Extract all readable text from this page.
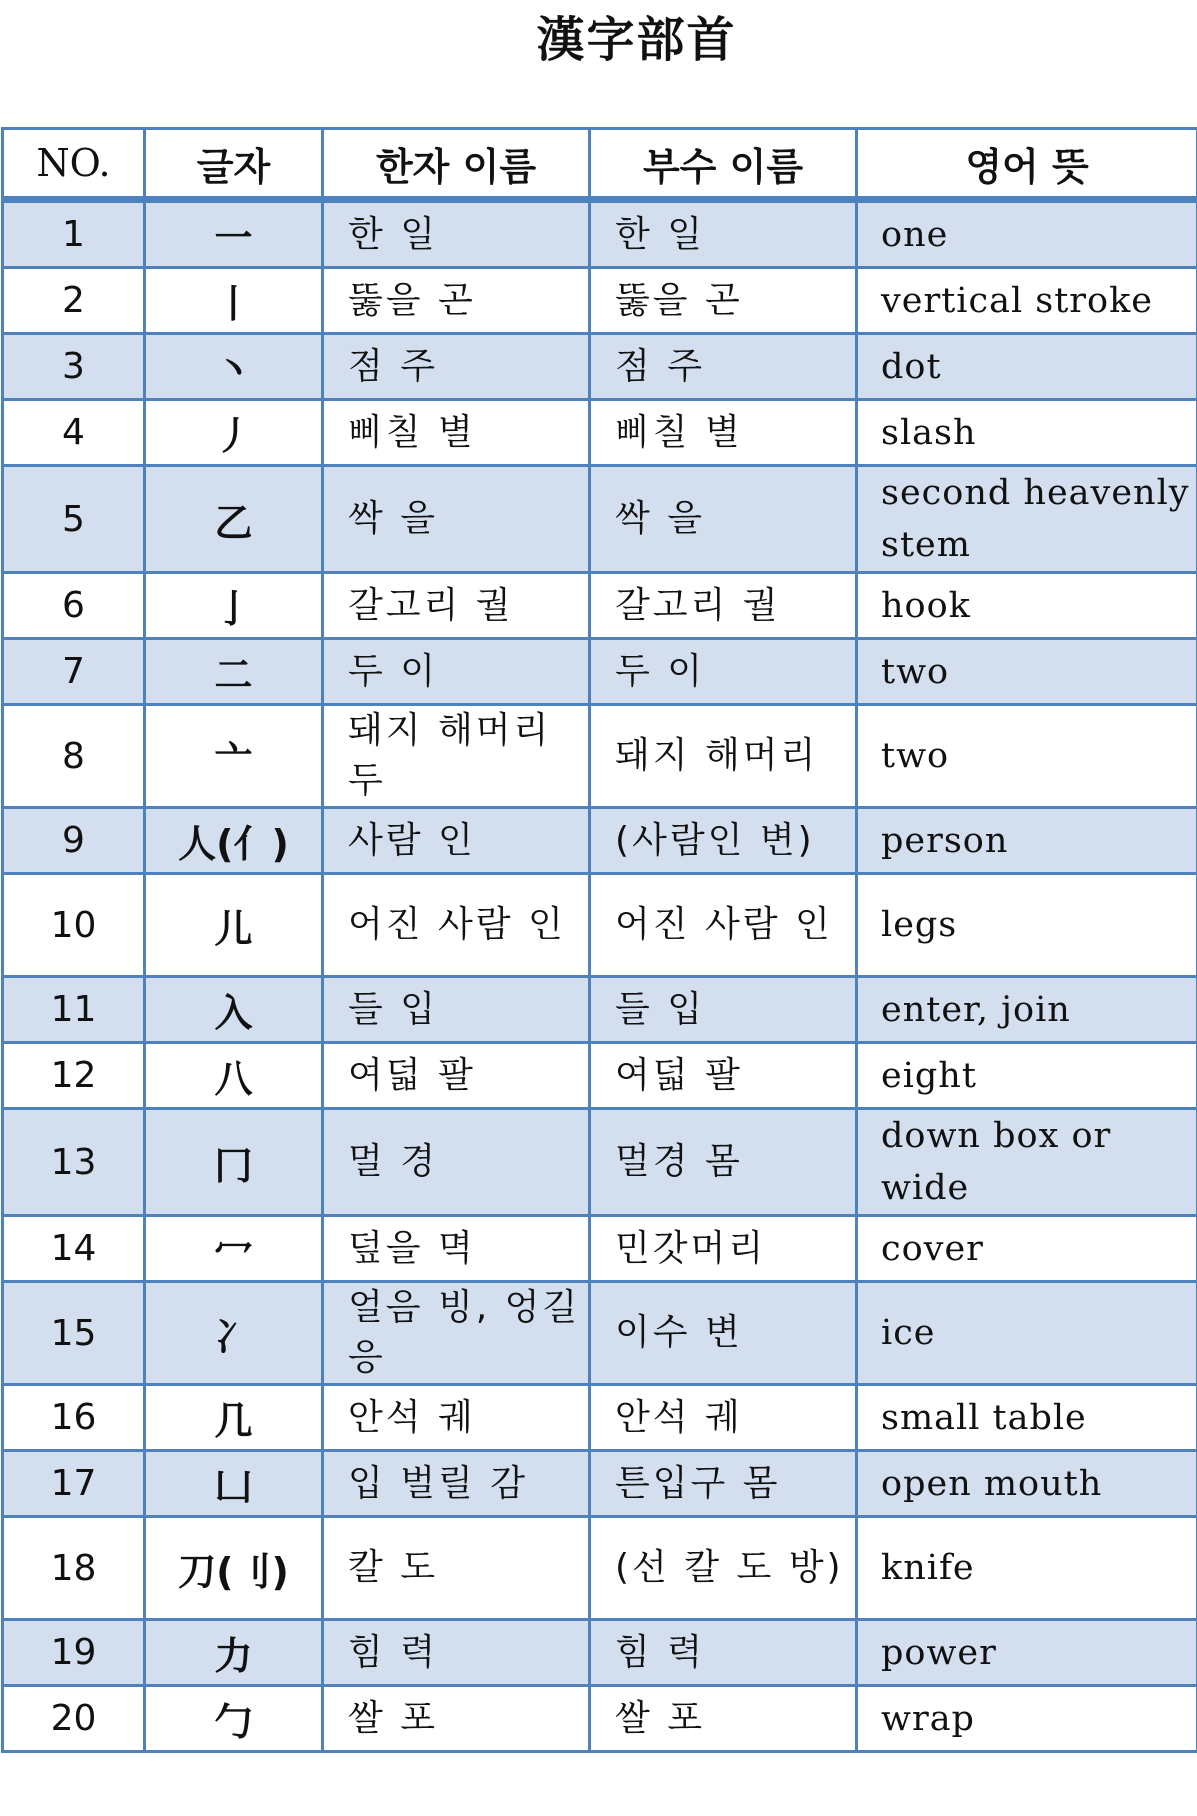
漢字部首
NO.	글자	한자 이름	부수 이름	영어 뜻
1	一	한 일	한 일	one
2	丨	뚫을 곤	뚫을 곤	vertical stroke
3	丶	점 주	점 주	dot
4	丿	삐칠 별	삐칠 별	slash
5	乙	싹 을	싹 을	second heavenly stem
6	亅	갈고리 궐	갈고리 궐	hook
7	二	두 이	두 이	two
8	亠	돼지 해머리 두	돼지 해머리	two
9	人(亻)	사람 인	(사람인 변)	person
10	儿	어진 사람 인	어진 사람 인	legs
11	入	들 입	들 입	enter, join
12	八	여덟 팔	여덟 팔	eight
13	冂	멀 경	멀경 몸	down box or wide
14	冖	덮을 멱	민갓머리	cover
15	冫	얼음 빙, 엉길 응	이수 변	ice
16	几	안석 궤	안석 궤	small table
17	凵	입 벌릴 감	튼입구 몸	open mouth
18	刀(刂)	칼 도	(선 칼 도 방)	knife
19	力	힘 력	힘 력	power
20	勹	쌀 포	쌀 포	wrap
